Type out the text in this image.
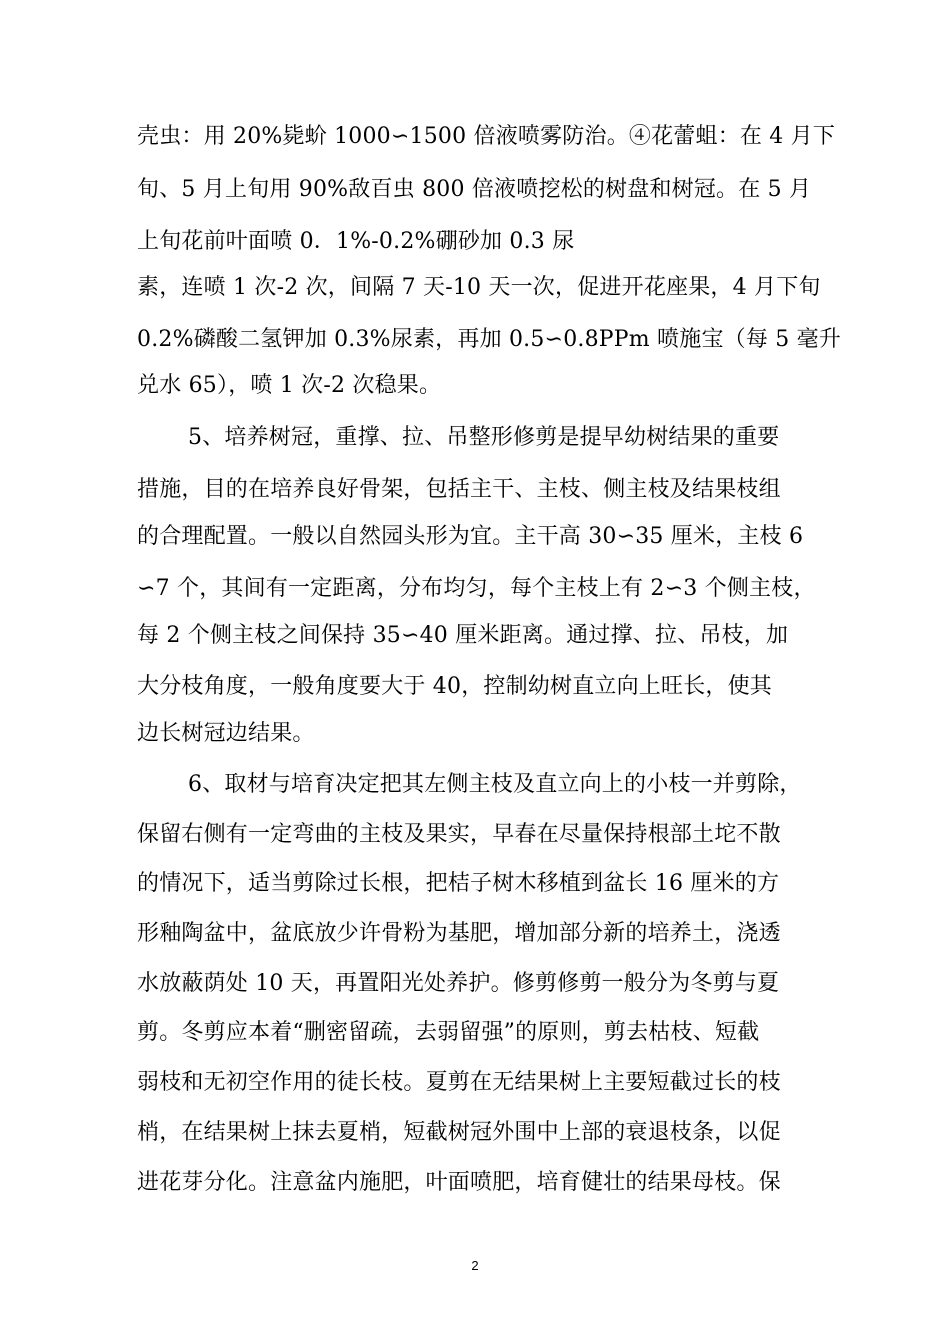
壳虫：用 20%毙蚧 1000∽1500 倍液喷雾防治。④花蕾蛆：在 4 月下
旬、5 月上旬用 90%敌百虫 800 倍液喷挖松的树盘和树冠。在 5 月
上旬花前叶面喷 0．1%-0.2%硼砂加 0.3 尿
素，连喷 1 次-2 次，间隔 7 天-10 天一次，促进开花座果，4 月下旬
0.2%磷酸二氢钾加 0.3%尿素，再加 0.5∽0.8PPm 喷施宝（每 5 毫升
兑水 65），喷 1 次-2 次稳果。
5、培养树冠，重撑、拉、吊整形修剪是提早幼树结果的重要
措施，目的在培养良好骨架，包括主干、主枝、侧主枝及结果枝组
的合理配置。一般以自然园头形为宜。主干高 30∽35 厘米，主枝 6
∽7 个，其间有一定距离，分布均匀，每个主枝上有 2∽3 个侧主枝，
每 2 个侧主枝之间保持 35∽40 厘米距离。通过撑、拉、吊枝，加
大分枝角度，一般角度要大于 40，控制幼树直立向上旺长，使其
边长树冠边结果。
6、取材与培育决定把其左侧主枝及直立向上的小枝一并剪除，
保留右侧有一定弯曲的主枝及果实，早春在尽量保持根部土坨不散
的情况下，适当剪除过长根，把桔子树木移植到盆长 16 厘米的方
形釉陶盆中，盆底放少许骨粉为基肥，增加部分新的培养土，浇透
水放蔽荫处 10 天，再置阳光处养护。修剪修剪一般分为冬剪与夏
剪。冬剪应本着“删密留疏，去弱留强”的原则，剪去枯枝、短截
弱枝和无初空作用的徒长枝。夏剪在无结果树上主要短截过长的枝
梢，在结果树上抹去夏梢，短截树冠外围中上部的衰退枝条，以促
进花芽分化。注意盆内施肥，叶面喷肥，培育健壮的结果母枝。保
2
